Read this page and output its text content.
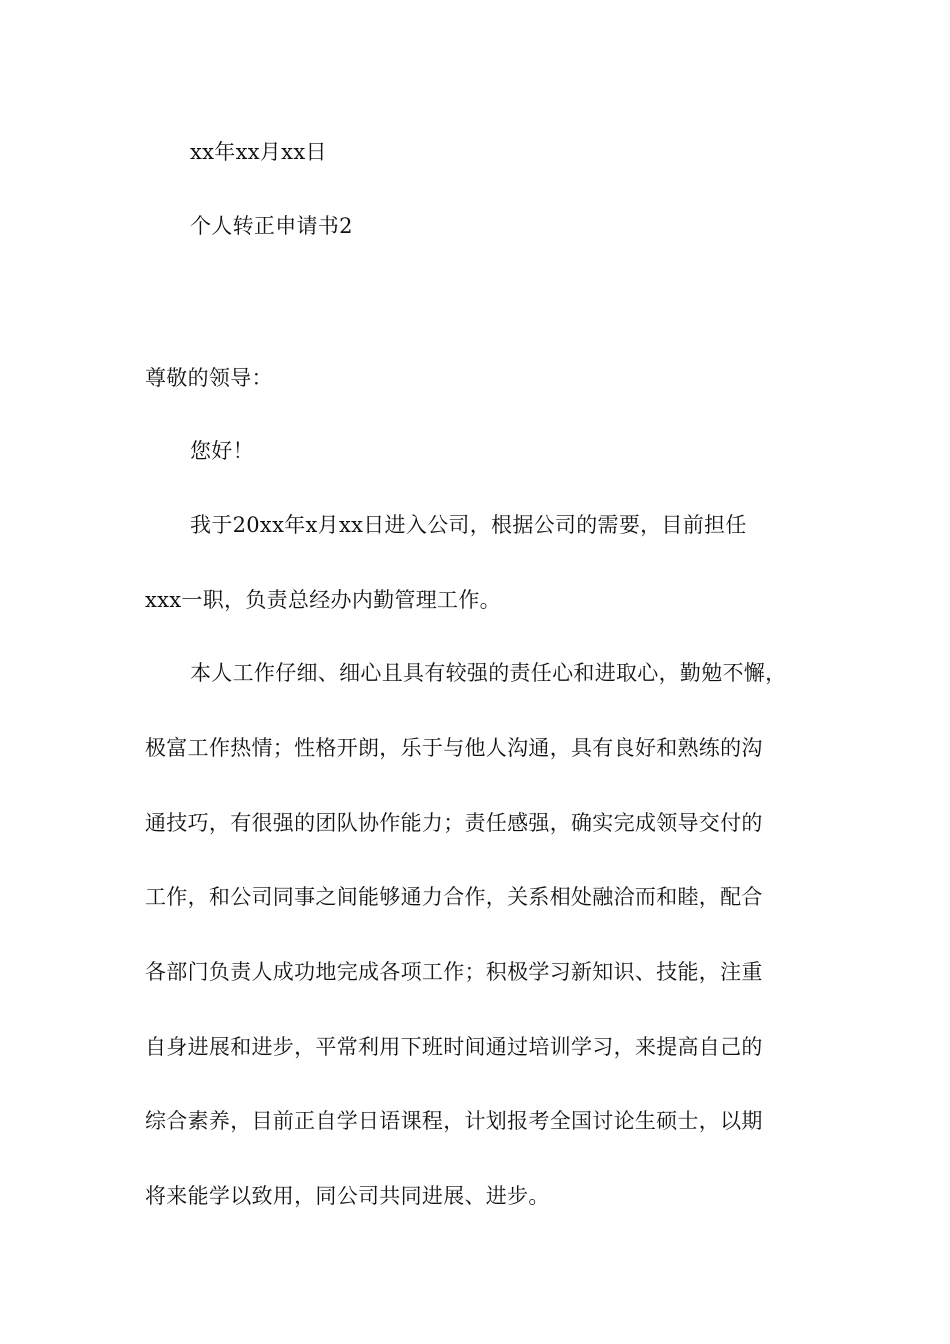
xx年xx月xx日
个人转正申请书2
尊敬的领导：
您好！
我于20xx年x月xx日进入公司，根据公司的需要，目前担任
xxx一职，负责总经办内勤管理工作。
本人工作仔细、细心且具有较强的责任心和进取心，勤勉不懈，
极富工作热情；性格开朗，乐于与他人沟通，具有良好和熟练的沟
通技巧，有很强的团队协作能力；责任感强，确实完成领导交付的
工作，和公司同事之间能够通力合作，关系相处融洽而和睦，配合
各部门负责人成功地完成各项工作；积极学习新知识、技能，注重
自身进展和进步，平常利用下班时间通过培训学习，来提高自己的
综合素养，目前正自学日语课程，计划报考全国讨论生硕士，以期
将来能学以致用，同公司共同进展、进步。
